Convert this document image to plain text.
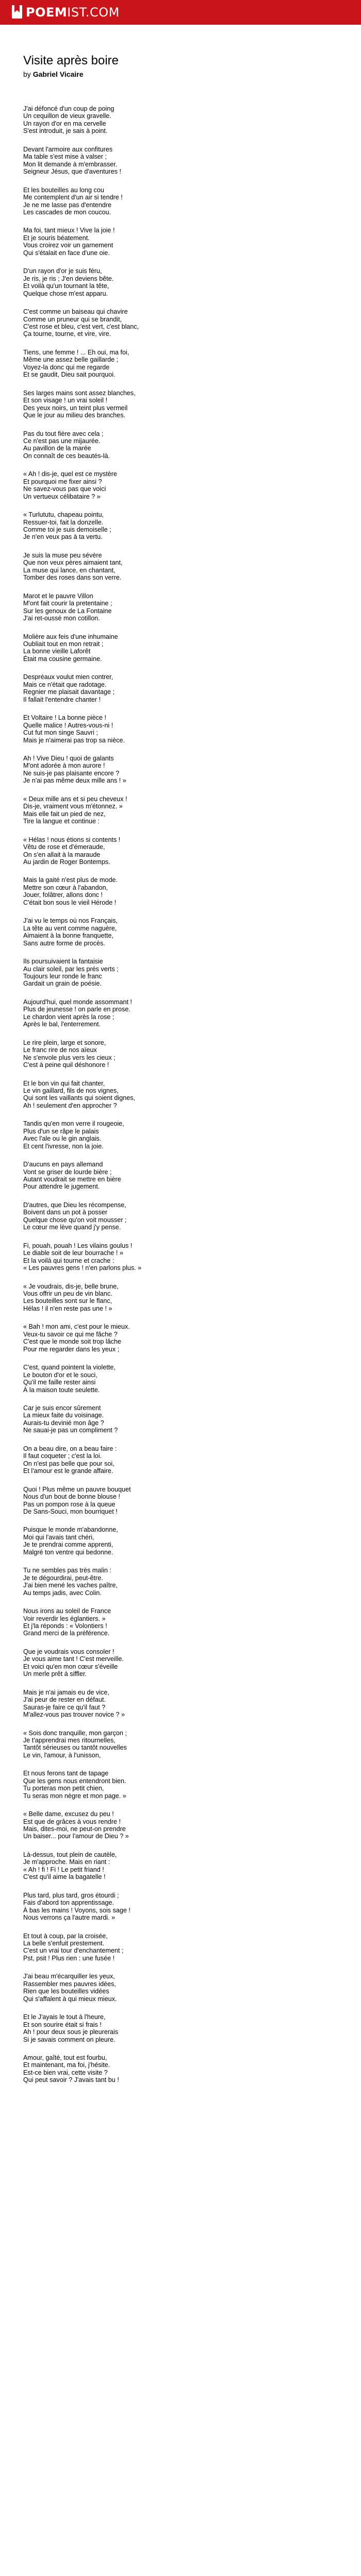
POEMIST.COM
Visite après boire
by Gabriel Vicaire
J'ai défoncé d'un coup de poing
Un cequillon de vieux gravelle.
Un rayon d'or en ma cervelle
S'est introduit, je sais à point.
Devant l'armoire aux confitures
Ma table s'est mise à valser ;
Mon lit demande à m'embrasser.
Seigneur Jésus, que d'aventures !
Et les bouteilles au long cou
Me contemplent d'un air si tendre !
Je ne me lasse pas d'entendre
Les cascades de mon coucou.
Ma foi, tant mieux ! Vive la joie !
Et je souris béatement.
Vous croirez voir un garnement
Qui s'étalait en face d'une oie.
D'un rayon d'or je suis féru,
Je ris, je ris ; J'en deviens bête.
Et voilà qu'un tournant la tête,
Quelque chose m'est apparu.
C'est comme un baiseau qui chavire
Comme un pruneur qui se brandit,
C'est rose et bleu, c'est vert, c'est blanc,
Ça tourne, tourne, et vire, vire.
Tiens, une femme ! ... Eh oui, ma foi,
Même une assez belle gaillarde ;
Voyez-la donc qui me regarde
Et se gaudit, Dieu sait pourquoi.
Ses larges mains sont assez blanches,
Et son visage ! un vrai soleil !
Des yeux noirs, un teint plus vermeil
Que le jour au milieu des branches.
Pas du tout fière avec cela ;
Ce n'est pas une mijaurée.
Au pavillon de la marée
On connaît de ces beautés-là.
« Ah ! dis-je, quel est ce mystère
Et pourquoi me fixer ainsi ?
Ne savez-vous pas que voici
Un vertueux célibataire ? »
« Turlututu, chapeau pointu,
Ressuer-toi, fait la donzelle.
Comme toi je suis demoiselle ;
Je n'en veux pas à ta vertu.
Je suis la muse peu sévère
Que non veux pères aimaient tant,
La muse qui lance, en chantant,
Tomber des roses dans son verre.
Marot et le pauvre Villon
M'ont fait courir la pretentaine ;
Sur les genoux de La Fontaine
J'ai ret-oussé mon cotillon.
Molière aux feis d'une inhumaine
Oubliait tout en mon retrait ;
La bonne vieille Laforêt
Était ma cousine germaine.
Despréaux voulut mien contrer,
Mais ce n'était que radotage.
Regnier me plaisait davantage ;
Il fallait l'entendre chanter !
Et Voltaire ! La bonne pièce !
Quelle malice ! Autres-vous-ni !
Cut fut mon singe Sauvri ;
Mais je n'aimerai pas trop sa nièce.
Ah ! Vive Dieu ! quoi de galants
M'ont adorée à mon aurore !
Ne suis-je pas plaisante encore ?
Je n'ai pas même deux mille ans ! »
« Deux mille ans et si peu cheveux !
Dis-je, vraiment vous m'étonnez. »
Mais elle fait un pied de nez,
Tire la langue et continue :
« Hélas ! nous étions si contents !
Vêtu de rose et d'émeraude,
On s'en allait à la maraude
Au jardin de Roger Bontemps.
Mais la gaité n'est plus de mode.
Mettre son cœur à l'abandon,
Jouer, folâtrer, allons donc !
C'était bon sous le vieil Hérode !
J'ai vu le temps où nos Français,
La tête au vent comme naguère,
Aimaient à la bonne franquette,
Sans autre forme de procès.
Ils poursuivaient la fantaisie
Au clair soleil, par les prés verts ;
Toujours leur ronde le franc
Gardait un grain de poésie.
Aujourd'hui, quel monde assommant !
Plus de jeunesse ! on parle en prose.
Le chardon vient après la rose ;
Après le bal, l'enterrement.
Le rire plein, large et sonore,
Le franc rire de nos aïeux
Ne s'envole plus vers les cieux ;
C'est à peine quil déshonore !
Et le bon vin qui fait chanter,
Le vin gaillard, fils de nos vignes,
Qui sont les vaillants qui soient dignes,
Ah ! seulement d'en approcher ?
Tandis qu'en mon verre il rougeoie,
Plus d'un se râpe le palais
Avec l'ale ou le gin anglais.
Et cent l'ivresse, non la joie.
D'aucuns en pays allemand
Vont se griser de lourde bière ;
Autant voudrait se mettre en bière
Pour attendre le jugement.
D'autres, que Dieu les récompense,
Boivent dans un pot à posser
Quelque chose qu'on voit mousser ;
Le cœur me lève quand j'y pense.
Fi, pouah, pouah ! Les vilains goulus !
Le diable soit de leur bourrache ! »
Et la voilà qui tourne et crache :
« Les pauvres gens ! n'en parlons plus. »
« Je voudrais, dis-je, belle brune,
Vous offrir un peu de vin blanc.
Les bouteilles sont sur le flanc,
Hélas ! il n'en reste pas une ! »
« Bah ! mon ami, c'est pour le mieux.
Veux-tu savoir ce qui me fâche ?
C'est que le monde soit trop lâche
Pour me regarder dans les yeux ;
C'est, quand pointent la violette,
Le bouton d'or et le souci,
Qu'il me faille rester ainsi
À la maison toute seulette.
Car je suis encor sûrement
La mieux faite du voisinage.
Aurais-tu devinié mon âge ?
Ne sauai-je pas un compliment ?
On a beau dire, on a beau faire :
Il faut coqueter ; c'est la loi.
On n'est pas belle que pour soi,
Et l'amour est le grande affaire.
Quoi ! Plus même un pauvre bouquet
Nous d'un bout de bonne blouse !
Pas un pompon rose à la queue
De Sans-Souci, mon bourriquet !
Puisque le monde m'abandonne,
Moi qui l'avais tant chéri,
Je te prendrai comme apprenti,
Malgré ton ventre qui bedonne.
Tu ne sembles pas très malin :
Je te dégourdirai, peut-être.
J'ai bien mené les vaches paître,
Au temps jadis, avec Colin.
Nous irons au soleil de France
Voir reverdir les églantiers. »
Et j'la réponds : « Volontiers !
Grand merci de la préférence.
Que je voudrais vous consoler !
Je vous aime tant ! C'est merveille.
Et voici qu'en mon cœur s'éveille
Un merle prêt à siffler.
Mais je n'ai jamais eu de vice,
J'ai peur de rester en défaut.
Sauras-je faire ce qu'il faut ?
M'allez-vous pas trouver novice ? »
« Sois donc tranquille, mon garçon ;
Je t'apprendrai mes ritournelles,
Tantôt sérieuses ou tantôt nouvelles
Le vin, l'amour, à l'unisson,
Et nous ferons tant de tapage
Que les gens nous entendront bien.
Tu porteras mon petit chien,
Tu seras mon nègre et mon page. »
« Belle dame, excusez du peu !
Est que de grâces à vous rendre !
Mais, dites-moi, ne peut-on prendre
Un baiser... pour l'amour de Dieu ? »
Là-dessus, tout plein de cautèle,
Je m'approche. Mais en riant :
« Ah ! fi ! Fi ! Le petit friand !
C'est qu'il aime la bagatelle !
Plus tard, plus tard, gros étourdi ;
Fais d'abord ton apprentissage.
À bas les mains ! Voyons, sois sage !
Nous verrons ça l'autre mardi. »
Et tout à coup, par la croisée,
La belle s'enfuit prestement.
C'est un vrai tour d'enchantement ;
Pst, psit ! Plus rien : une fusée !
J'ai beau m'écarquiller les yeux,
Rassembler mes pauvres idées,
Rien que les bouteilles vidées
Qui s'affalent à qui mieux mieux.
Et le J'ayais le tout à l'heure,
Et son sourire était si frais !
Ah ! pour deux sous je pleurerais
Si je savais comment on pleure.
Amour, gaîté, tout est fourbu,
Et maintenant, ma foi, j'hésite.
Est-ce bien vrai, cette visite ?
Qui peut savoir ? J'avais tant bu !
